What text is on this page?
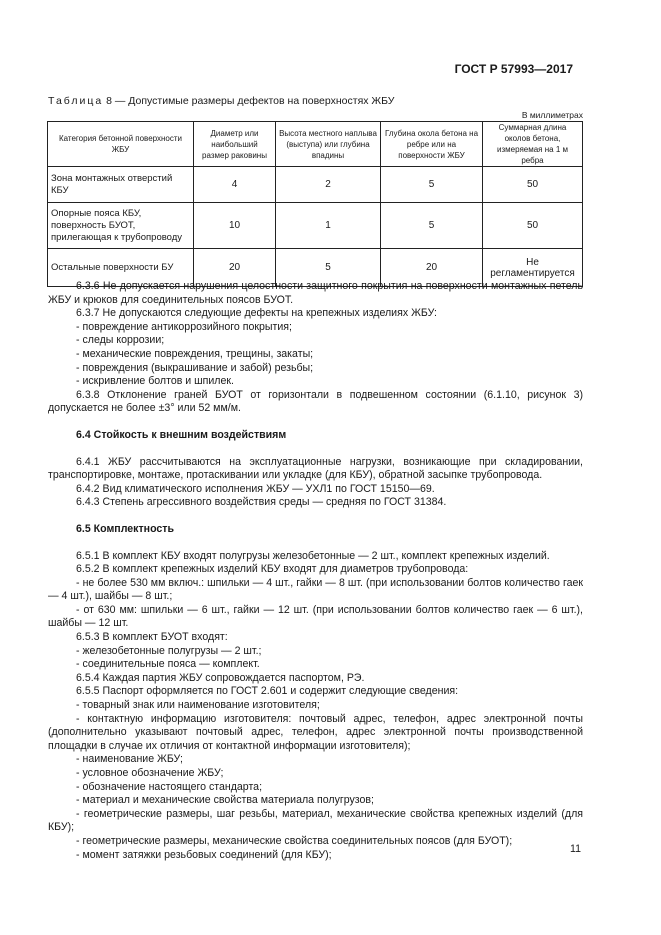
ГОСТ Р 57993—2017
Таблица 8 — Допустимые размеры дефектов на поверхностях ЖБУ
В миллиметрах
Категория бетонной поверхности ЖБУ	Диаметр или наибольший размер раковины	Высота местного наплыва (выступа) или глубина впадины	Глубина окола бетона на ребре или на поверхности ЖБУ	Суммарная длина околов бетона, измеряемая на 1 м ребра
Зона монтажных отверстий КБУ	4	2	5	50
Опорные пояса КБУ, поверхность БУОТ, прилегающая к трубопроводу	10	1	5	50
Остальные поверхности БУ	20	5	20	Не регламентируется

6.3.6 Не допускается нарушения целостности защитного покрытия на поверхности монтажных петель ЖБУ и крюков для соединительных поясов БУОТ.

6.3.7 Не допускаются следующие дефекты на крепежных изделиях ЖБУ:

- повреждение антикоррозийного покрытия;

- следы коррозии;

- механические повреждения, трещины, закаты;

- повреждения (выкрашивание и забой) резьбы;

- искривление болтов и шпилек.

6.3.8 Отклонение граней БУОТ от горизонтали в подвешенном состоянии (6.1.10, рисунок 3) допускается не более ±3° или 52 мм/м.

6.4 Стойкость к внешним воздействиям

6.4.1 ЖБУ рассчитываются на эксплуатационные нагрузки, возникающие при складировании, транспортировке, монтаже, протаскивании или укладке (для КБУ), обратной засыпке трубопровода.

6.4.2 Вид климатического исполнения ЖБУ — УХЛ1 по ГОСТ 15150—69.

6.4.3 Степень агрессивного воздействия среды — средняя по ГОСТ 31384.

6.5 Комплектность

6.5.1 В комплект КБУ входят полугрузы железобетонные — 2 шт., комплект крепежных изделий.

6.5.2 В комплект крепежных изделий КБУ входят для диаметров трубопровода:

- не более 530 мм включ.: шпильки — 4 шт., гайки — 8 шт. (при использовании болтов количество гаек — 4 шт.), шайбы — 8 шт.;

- от 630 мм: шпильки — 6 шт., гайки — 12 шт. (при использовании болтов количество гаек — 6 шт.), шайбы — 12 шт.

6.5.3 В комплект БУОТ входят:

- железобетонные полугрузы — 2 шт.;

- соединительные пояса — комплект.

6.5.4 Каждая партия ЖБУ сопровождается паспортом, РЭ.

6.5.5 Паспорт оформляется по ГОСТ 2.601 и содержит следующие сведения:

- товарный знак или наименование изготовителя;

- контактную информацию изготовителя: почтовый адрес, телефон, адрес электронной почты (дополнительно указывают почтовый адрес, телефон, адрес электронной почты производственной площадки в случае их отличия от контактной информации изготовителя);

- наименование ЖБУ;

- условное обозначение ЖБУ;

- обозначение настоящего стандарта;

- материал и механические свойства материала полугрузов;

- геометрические размеры, шаг резьбы, материал, механические свойства крепежных изделий (для КБУ);

- геометрические размеры, механические свойства соединительных поясов (для БУОТ);

- момент затяжки резьбовых соединений (для КБУ);	11
